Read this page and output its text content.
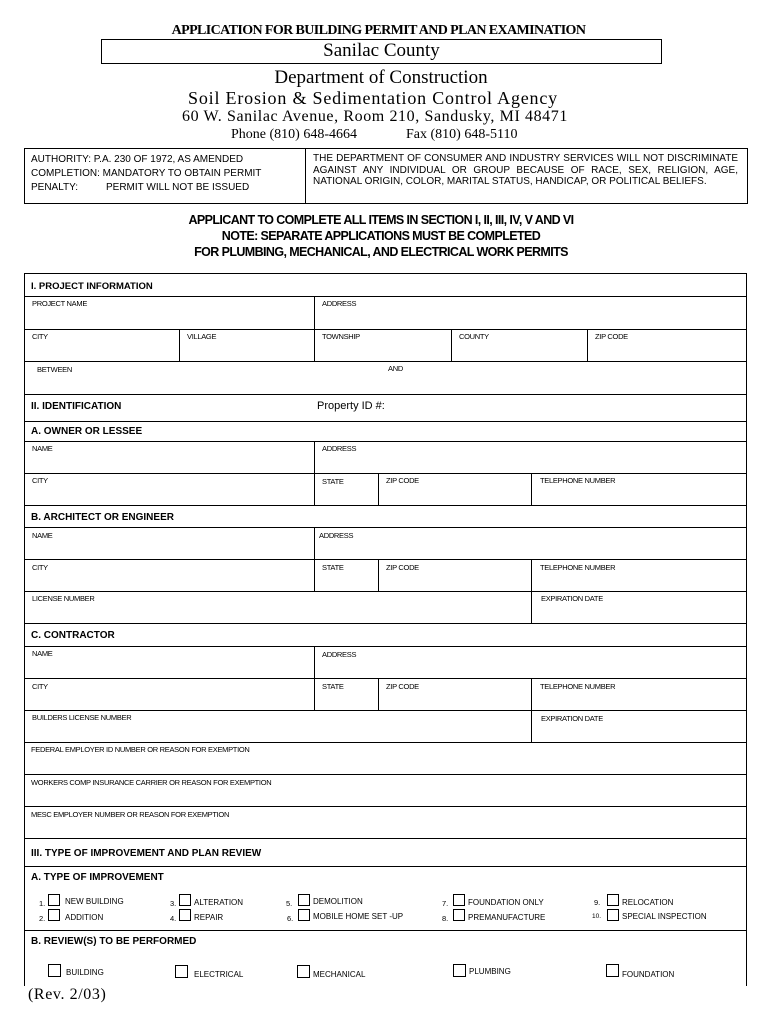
APPLICATION FOR BUILDING PERMIT AND PLAN EXAMINATION
Sanilac County
Department of Construction
Soil Erosion & Sedimentation Control Agency
60 W. Sanilac Avenue, Room 210, Sandusky, MI 48471
Phone (810) 648-4664	Fax (810) 648-5110
AUTHORITY: P.A. 230 OF 1972, AS AMENDED
COMPLETION: MANDATORY TO OBTAIN PERMIT
PENALTY:	PERMIT WILL NOT BE ISSUED
THE DEPARTMENT OF CONSUMER AND INDUSTRY SERVICES WILL NOT DISCRIMINATE AGAINST ANY INDIVIDUAL OR GROUP BECAUSE OF RACE, SEX, RELIGION, AGE, NATIONAL ORIGIN, COLOR, MARITAL STATUS, HANDICAP, OR POLITICAL BELIEFS.
APPLICANT TO COMPLETE ALL ITEMS IN SECTION I, II, III, IV, V AND VI
NOTE: SEPARATE APPLICATIONS MUST BE COMPLETED
FOR PLUMBING, MECHANICAL, AND ELECTRICAL WORK PERMITS
I. PROJECT INFORMATION
PROJECT NAME	ADDRESS
CITY	VILLAGE	TOWNSHIP	COUNTY	ZIP CODE
BETWEEN	AND
II. IDENTIFICATION	Property ID #:
A. OWNER OR LESSEE
NAME	ADDRESS
CITY	STATE	ZIP CODE	TELEPHONE NUMBER
B. ARCHITECT OR ENGINEER
NAME	ADDRESS
CITY	STATE	ZIP CODE	TELEPHONE NUMBER
LICENSE NUMBER	EXPIRATION DATE
C. CONTRACTOR
NAME	ADDRESS
CITY	STATE	ZIP CODE	TELEPHONE NUMBER
BUILDERS LICENSE NUMBER	EXPIRATION DATE
FEDERAL EMPLOYER ID NUMBER OR REASON FOR EXEMPTION
WORKERS COMP INSURANCE CARRIER OR REASON FOR EXEMPTION
MESC EMPLOYER NUMBER OR REASON FOR EXEMPTION
III. TYPE OF IMPROVEMENT AND PLAN REVIEW
A. TYPE OF IMPROVEMENT
1. NEW BUILDING
2. ADDITION
3. ALTERATION
4. REPAIR
5.	DEMOLITION
6. MOBILE HOME SET -UP
7. FOUNDATION ONLY
8. PREMANUFACTURE
9.	RELOCATION
10.	SPECIAL INSPECTION
B. REVIEW(S) TO BE PERFORMED
BUILDING	ELECTRICAL	MECHANICAL	PLUMBING	FOUNDATION
(Rev. 2/03)
